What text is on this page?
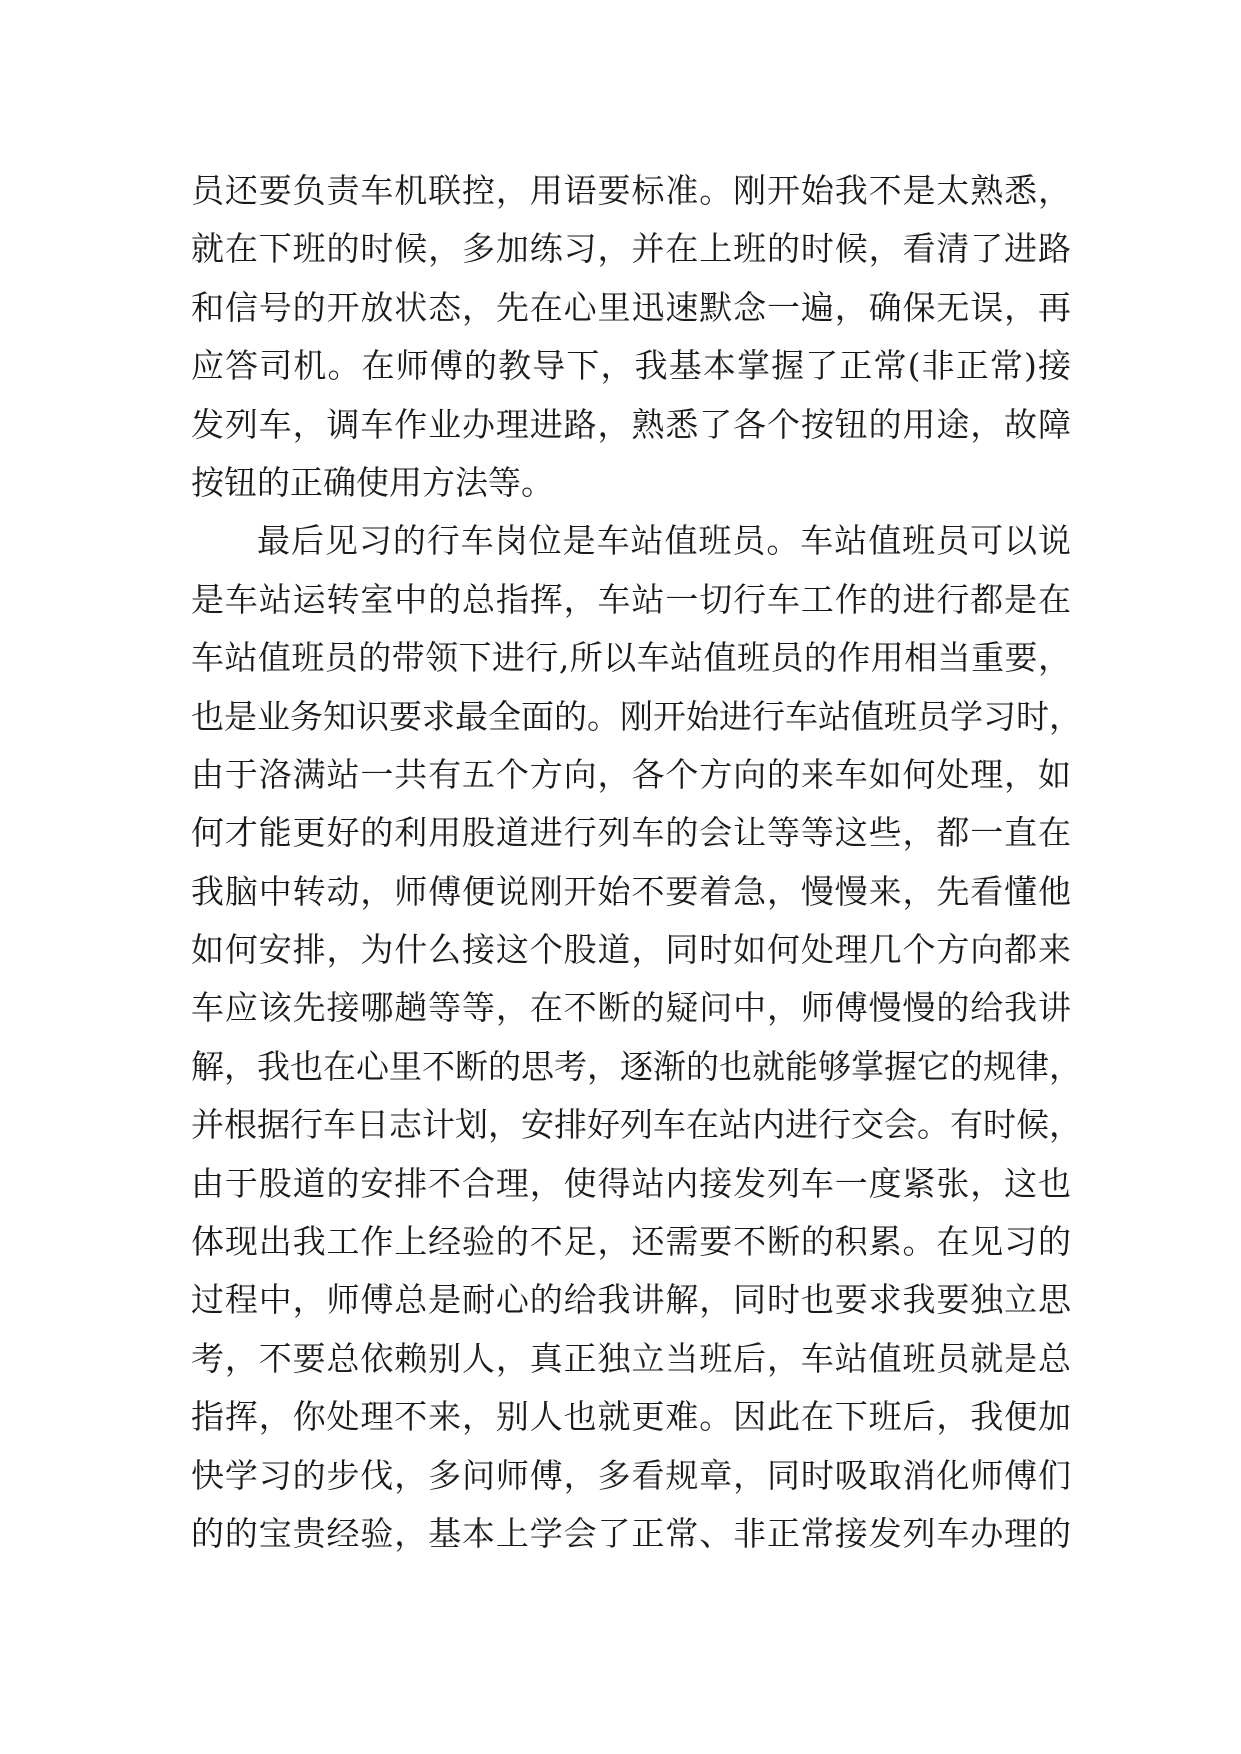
员还要负责车机联控，用语要标准。刚开始我不是太熟悉，
就在下班的时候，多加练习，并在上班的时候，看清了进路
和信号的开放状态，先在心里迅速默念一遍，确保无误，再
应答司机。在师傅的教导下，我基本掌握了正常(非正常)接
发列车，调车作业办理进路，熟悉了各个按钮的用途，故障
按钮的正确使用方法等。
最后见习的行车岗位是车站值班员。车站值班员可以说
是车站运转室中的总指挥，车站一切行车工作的进行都是在
车站值班员的带领下进行,所以车站值班员的作用相当重要，
也是业务知识要求最全面的。刚开始进行车站值班员学习时，
由于洛满站一共有五个方向，各个方向的来车如何处理，如
何才能更好的利用股道进行列车的会让等等这些，都一直在
我脑中转动，师傅便说刚开始不要着急，慢慢来，先看懂他
如何安排，为什么接这个股道，同时如何处理几个方向都来
车应该先接哪趟等等，在不断的疑问中，师傅慢慢的给我讲
解，我也在心里不断的思考，逐渐的也就能够掌握它的规律，
并根据行车日志计划，安排好列车在站内进行交会。有时候，
由于股道的安排不合理，使得站内接发列车一度紧张，这也
体现出我工作上经验的不足，还需要不断的积累。在见习的
过程中，师傅总是耐心的给我讲解，同时也要求我要独立思
考，不要总依赖别人，真正独立当班后，车站值班员就是总
指挥，你处理不来，别人也就更难。因此在下班后，我便加
快学习的步伐，多问师傅，多看规章，同时吸取消化师傅们
的的宝贵经验，基本上学会了正常、非正常接发列车办理的
